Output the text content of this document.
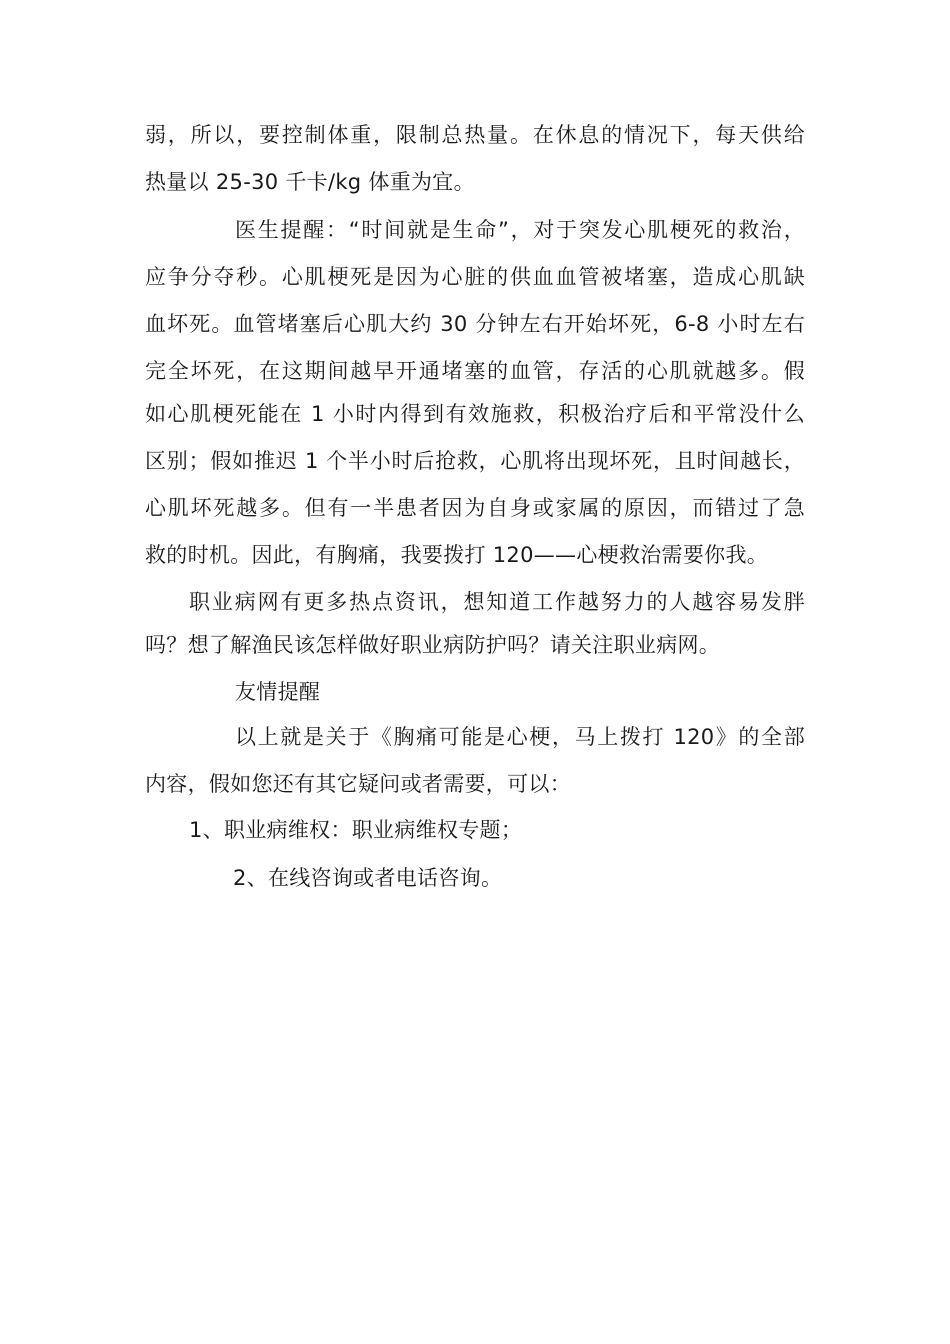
弱，所以，要控制体重，限制总热量。在休息的情况下，每天供给

热量以 25-30 千卡/kg 体重为宜。

医生提醒：“时间就是生命”，对于突发心肌梗死的救治，

应争分夺秒。心肌梗死是因为心脏的供血血管被堵塞，造成心肌缺

血坏死。血管堵塞后心肌大约 30 分钟左右开始坏死，6-8 小时左右

完全坏死，在这期间越早开通堵塞的血管，存活的心肌就越多。假

如心肌梗死能在 1 小时内得到有效施救，积极治疗后和平常没什么

区别；假如推迟 1 个半小时后抢救，心肌将出现坏死，且时间越长，

心肌坏死越多。但有一半患者因为自身或家属的原因，而错过了急

救的时机。因此，有胸痛，我要拨打 120——心梗救治需要你我。

职业病网有更多热点资讯，想知道工作越努力的人越容易发胖

吗？想了解渔民该怎样做好职业病防护吗？请关注职业病网。

友情提醒

以上就是关于《胸痛可能是心梗，马上拨打 120》的全部

内容，假如您还有其它疑问或者需要，可以：

1、职业病维权：职业病维权专题；

2、在线咨询或者电话咨询。
